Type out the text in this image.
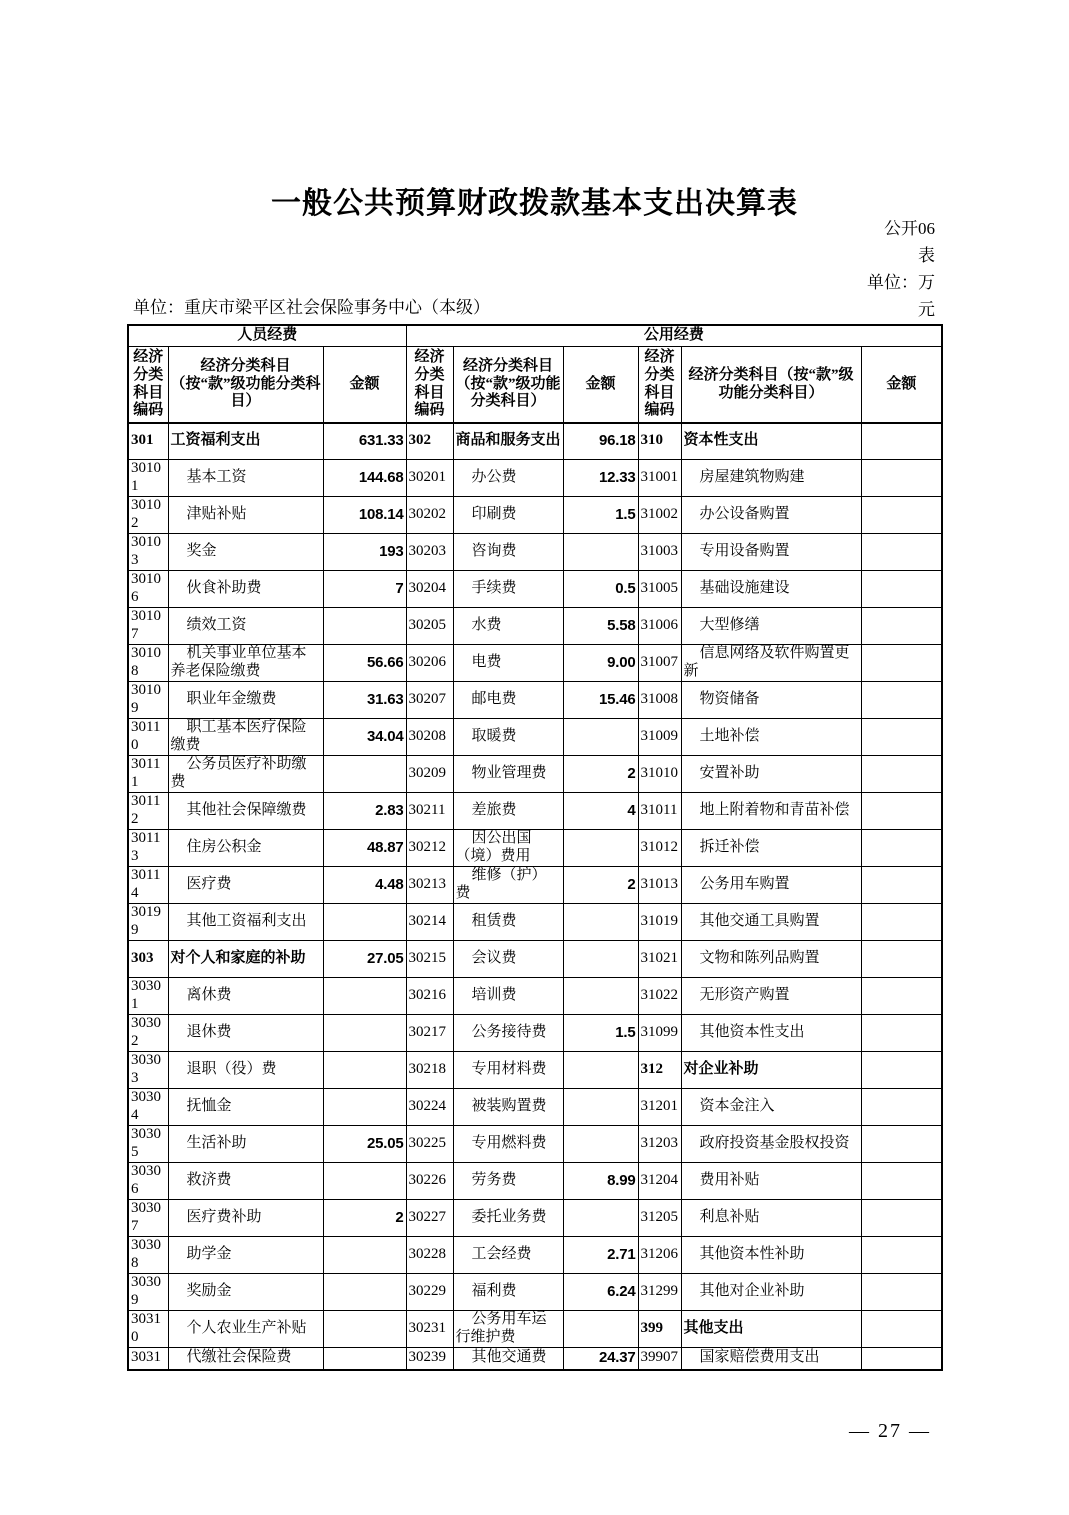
一般公共预算财政拨款基本支出决算表
公开06
表
单位：万
元
单位：重庆市梁平区社会保险事务中心（本级）
人员经费			公用经费					
经济分类科目编码	经济分类科目（按“款”级功能分类科目）	金额	经济分类科目编码	经济分类科目（按“款”级功能分类科目）	金额	经济分类科目编码	经济分类科目（按“款”级功能分类科目）	金额
301	工资福利支出	631.33	302	商品和服务支出	96.18	310	资本性支出	
30101	基本工资	144.68	30201	办公费	12.33	31001	房屋建筑物购建	
30102	津贴补贴	108.14	30202	印刷费	1.5	31002	办公设备购置	
30103	奖金	193	30203	咨询费		31003	专用设备购置	
30106	伙食补助费	7	30204	手续费	0.5	31005	基础设施建设	
30107	绩效工资		30205	水费	5.58	31006	大型修缮	
30108	机关事业单位基本养老保险缴费	56.66	30206	电费	9.00	31007	信息网络及软件购置更新	
30109	职业年金缴费	31.63	30207	邮电费	15.46	31008	物资储备	
30110	职工基本医疗保险缴费	34.04	30208	取暖费		31009	土地补偿	
30111	公务员医疗补助缴费		30209	物业管理费	2	31010	安置补助	
30112	其他社会保障缴费	2.83	30211	差旅费	4	31011	地上附着物和青苗补偿	
30113	住房公积金	48.87	30212	因公出国（境）费用		31012	拆迁补偿	
30114	医疗费	4.48	30213	维修（护）费	2	31013	公务用车购置	
30199	其他工资福利支出		30214	租赁费		31019	其他交通工具购置	
303	对个人和家庭的补助	27.05	30215	会议费		31021	文物和陈列品购置	
30301	离休费		30216	培训费		31022	无形资产购置	
30302	退休费		30217	公务接待费	1.5	31099	其他资本性支出	
30303	退职（役）费		30218	专用材料费		312	对企业补助	
30304	抚恤金		30224	被装购置费		31201	资本金注入	
30305	生活补助	25.05	30225	专用燃料费		31203	政府投资基金股权投资	
30306	救济费		30226	劳务费	8.99	31204	费用补贴	
30307	医疗费补助	2	30227	委托业务费		31205	利息补贴	
30308	助学金		30228	工会经费	2.71	31206	其他资本性补助	
30309	奖励金		30229	福利费	6.24	31299	其他对企业补助	
30310	个人农业生产补贴		30231	公务用车运行维护费		399	其他支出	
3031	代缴社会保险费		30239	其他交通费	24.37	39907	国家赔偿费用支出	
— 27 —
